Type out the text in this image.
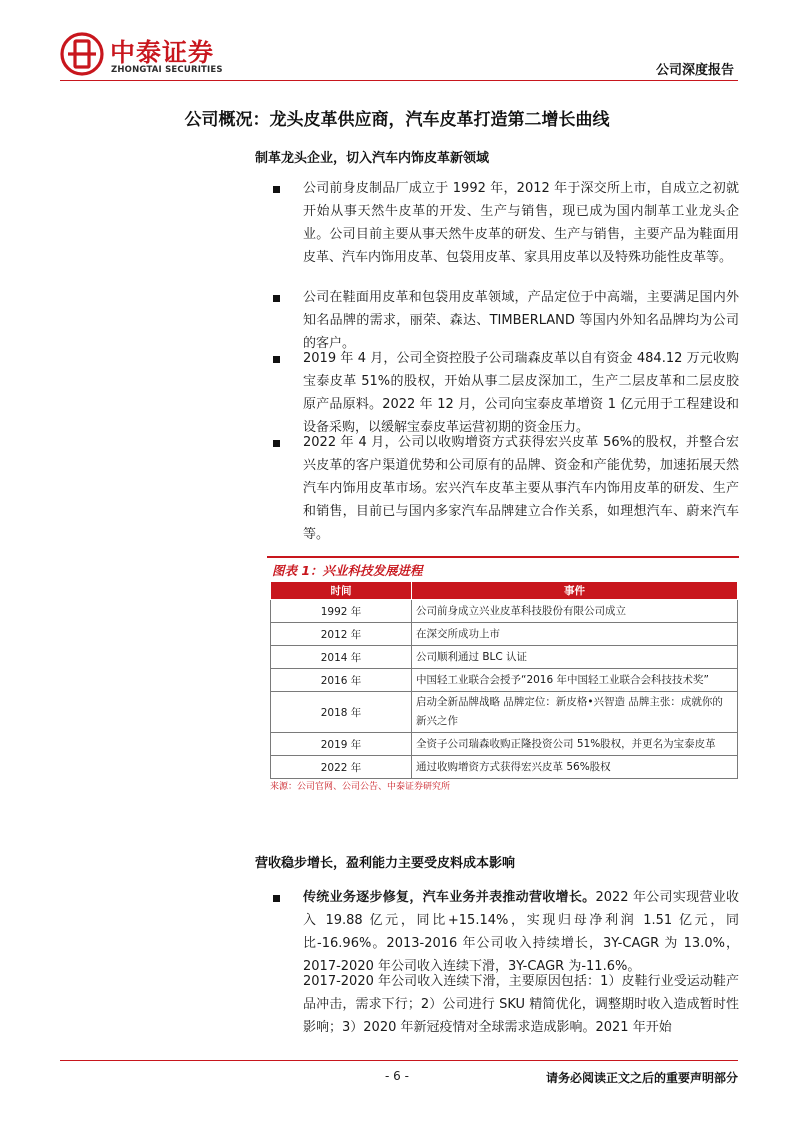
中泰证券
ZHONGTAI SECURITIES	公司深度报告
公司概况：龙头皮革供应商，汽车皮革打造第二增长曲线
制革龙头企业，切入汽车内饰皮革新领域
公司前身皮制品厂成立于 1992 年，2012 年于深交所上市，自成立之初就开始从事天然牛皮革的开发、生产与销售，现已成为国内制革工业龙头企业。公司目前主要从事天然牛皮革的研发、生产与销售，主要产品为鞋面用皮革、汽车内饰用皮革、包袋用皮革、家具用皮革以及特殊功能性皮革等。
公司在鞋面用皮革和包袋用皮革领域，产品定位于中高端，主要满足国内外知名品牌的需求，丽荣、森达、TIMBERLAND 等国内外知名品牌均为公司的客户。
2019 年 4 月，公司全资控股子公司瑞森皮革以自有资金 484.12 万元收购宝泰皮革 51%的股权，开始从事二层皮深加工，生产二层皮革和二层皮胶原产品原料。2022 年 12 月，公司向宝泰皮革增资 1 亿元用于工程建设和设备采购，以缓解宝泰皮革运营初期的资金压力。
2022 年 4 月，公司以收购增资方式获得宏兴皮革 56%的股权，并整合宏兴皮革的客户渠道优势和公司原有的品牌、资金和产能优势，加速拓展天然汽车内饰用皮革市场。宏兴汽车皮革主要从事汽车内饰用皮革的研发、生产和销售，目前已与国内多家汽车品牌建立合作关系，如理想汽车、蔚来汽车等。
图表 1：兴业科技发展进程
时间	事件
1992 年	公司前身成立兴业皮革科技股份有限公司成立
2012 年	在深交所成功上市
2014 年	公司顺利通过 BLC 认证
2016 年	中国轻工业联合会授予“2016 年中国轻工业联合会科技技术奖”
2018 年	启动全新品牌战略 品牌定位：新皮格•兴智造 品牌主张：成就你的新兴之作
2019 年	全资子公司瑞森收购正隆投资公司 51%股权，并更名为宝泰皮革
2022 年	通过收购增资方式获得宏兴皮革 56%股权
来源：公司官网、公司公告、中泰证券研究所
营收稳步增长，盈利能力主要受皮料成本影响
传统业务逐步修复，汽车业务并表推动营收增长。2022 年公司实现营业收入 19.88 亿元，同比+15.14%，实现归母净利润 1.51 亿元，同比-16.96%。2013-2016 年公司收入持续增长，3Y-CAGR 为 13.0%，2017-2020 年公司收入连续下滑，3Y-CAGR 为-11.6%。
2017-2020 年公司收入连续下滑，主要原因包括：1）皮鞋行业受运动鞋产品冲击，需求下行；2）公司进行 SKU 精简优化，调整期时收入造成暂时性影响；3）2020 年新冠疫情对全球需求造成影响。2021 年开始
- 6 -	请务必阅读正文之后的重要声明部分
